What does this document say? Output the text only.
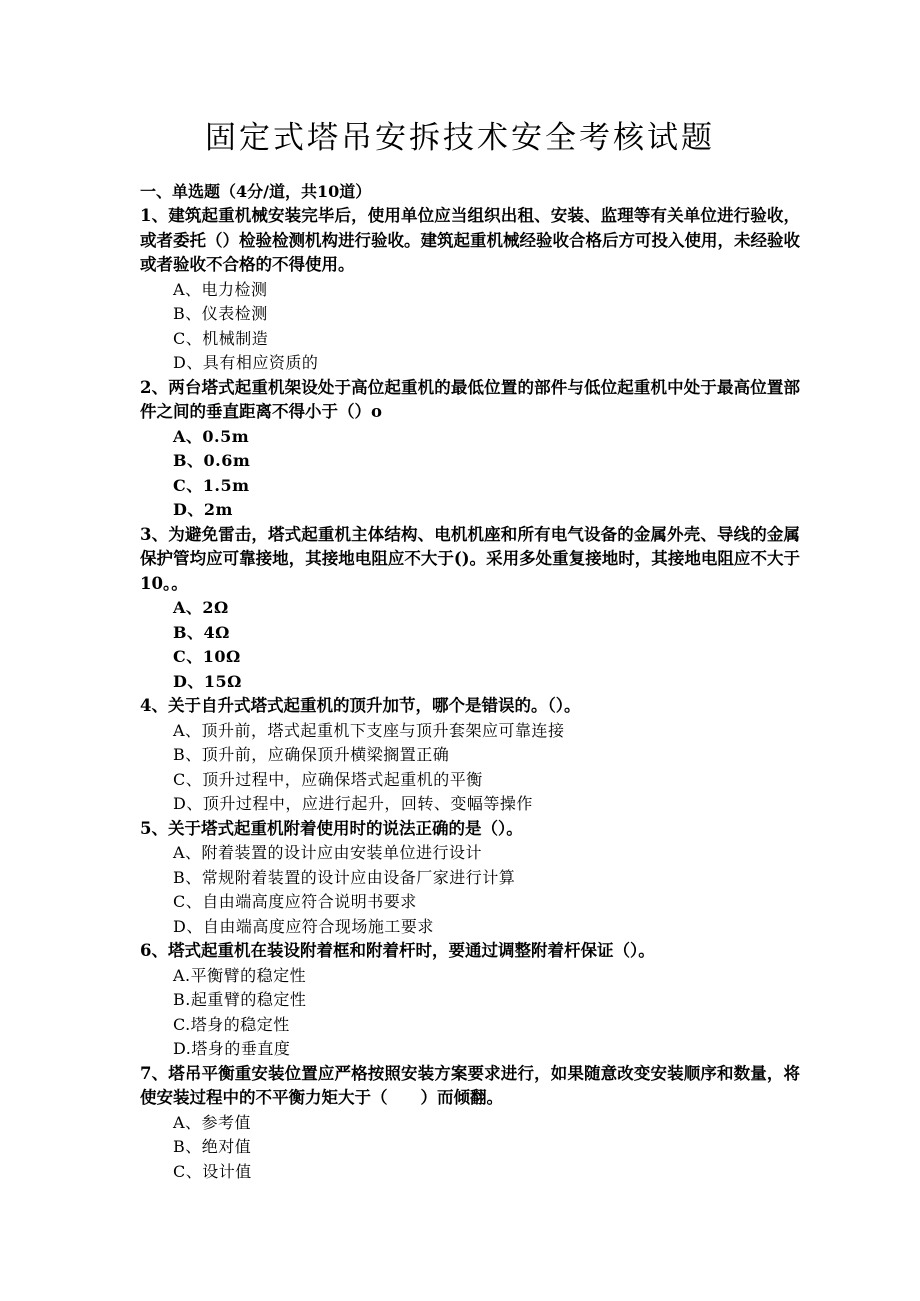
固定式塔吊安拆技术安全考核试题

一、单选题（4分/道，共10道）

1、建筑起重机械安装完毕后，使用单位应当组织出租、安装、监理等有关单位进行验收，或者委托（）检验检测机构进行验收。建筑起重机械经验收合格后方可投入使用，未经验收或者验收不合格的不得使用。

A、电力检测

B、仪表检测

C、机械制造

D、具有相应资质的

2、两台塔式起重机架设处于高位起重机的最低位置的部件与低位起重机中处于最高位置部件之间的垂直距离不得小于（）o

A、0.5m

B、0.6m

C、1.5m

D、2m

3、为避免雷击，塔式起重机主体结构、电机机座和所有电气设备的金属外壳、导线的金属保护管均应可靠接地，其接地电阻应不大于()。采用多处重复接地时，其接地电阻应不大于10。。

A、2Ω

B、4Ω

C、10Ω

D、15Ω

4、关于自升式塔式起重机的顶升加节，哪个是错误的。（）。

A、顶升前，塔式起重机下支座与顶升套架应可靠连接

B、顶升前，应确保顶升横梁搁置正确

C、顶升过程中，应确保塔式起重机的平衡

D、顶升过程中，应进行起升，回转、变幅等操作

5、关于塔式起重机附着使用时的说法正确的是（）。

A、附着装置的设计应由安装单位进行设计

B、常规附着装置的设计应由设备厂家进行计算

C、自由端高度应符合说明书要求

D、自由端高度应符合现场施工要求

6、塔式起重机在装设附着框和附着杆时，要通过调整附着杆保证（）。

A.平衡臂的稳定性

B.起重臂的稳定性

C.塔身的稳定性

D.塔身的垂直度

7、塔吊平衡重安装位置应严格按照安装方案要求进行，如果随意改变安装顺序和数量，将使安装过程中的不平衡力矩大于（　　）而倾翻。

A、参考值

B、绝对值

C、设计值
